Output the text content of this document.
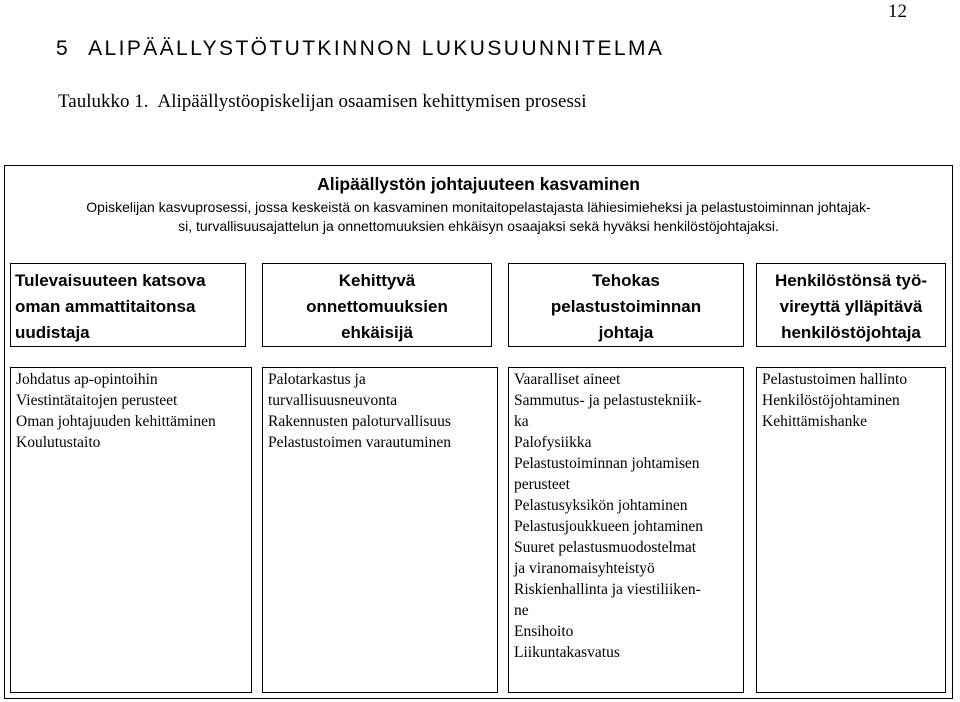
12
5 ALIPÄÄLLYSTÖTUTKINNON LUKUSUUNNITELMA
Taulukko 1. Alipäällystöopiskelijan osaamisen kehittymisen prosessi
Alipäällystön johtajuuteen kasvaminen
Opiskelijan kasvuprosessi, jossa keskeistä on kasvaminen monitaitopelastajasta lähiesimieheksi ja pelastustoiminnan johtajak-
si, turvallisuusajattelun ja onnettomuuksien ehkäisyn osaajaksi sekä hyväksi henkilöstöjohtajaksi.
Tulevaisuuteen katsova
oman ammattitaitonsa
uudistaja
Kehittyvä
onnettomuuksien
ehkäisijä
Tehokas
pelastustoiminnan
johtaja
Henkilöstönsä työ-
vireyttä ylläpitävä
henkilöstöjohtaja
Johdatus ap-opintoihin
Viestintätaitojen perusteet
Oman johtajuuden kehittäminen
Koulutustaito
Palotarkastus ja
turvallisuusneuvonta
Rakennusten paloturvallisuus
Pelastustoimen varautuminen
Vaaralliset aineet
Sammutus- ja pelastustekniik-
ka
Palofysiikka
Pelastustoiminnan johtamisen
perusteet
Pelastusyksikön johtaminen
Pelastusjoukkueen johtaminen
Suuret pelastusmuodostelmat
ja viranomaisyhteistyö
Riskienhallinta ja viestiliiken-
ne
Ensihoito
Liikuntakasvatus
Pelastustoimen hallinto
Henkilöstöjohtaminen
Kehittämishanke
